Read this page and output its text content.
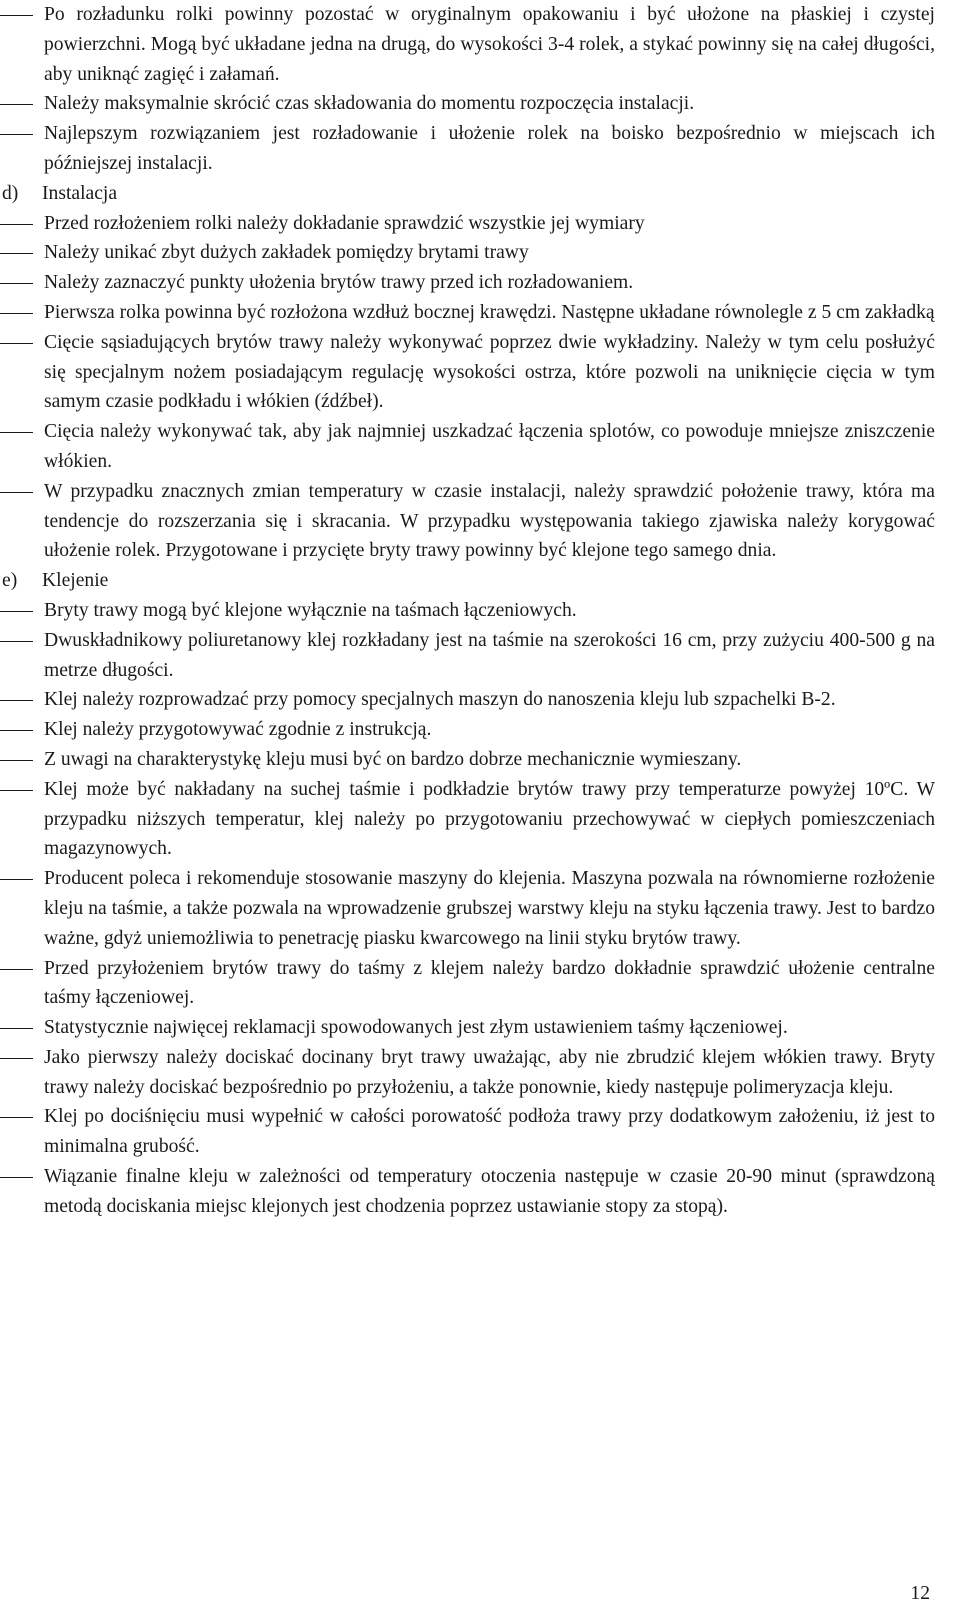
Po rozładunku rolki powinny pozostać w oryginalnym opakowaniu i być ułożone na płaskiej i czystej powierzchni. Mogą być układane jedna na drugą, do wysokości 3-4 rolek, a stykać powinny się na całej długości, aby uniknąć zagięć i załamań.
Należy maksymalnie skrócić czas składowania do momentu rozpoczęcia instalacji.
Najlepszym rozwiązaniem jest rozładowanie i ułożenie rolek na boisko bezpośrednio w miejscach ich późniejszej instalacji.
d) Instalacja
Przed rozłożeniem rolki należy dokładanie sprawdzić wszystkie jej wymiary
Należy unikać zbyt dużych zakładek pomiędzy brytami trawy
Należy zaznaczyć punkty ułożenia brytów trawy przed ich rozładowaniem.
Pierwsza rolka powinna być rozłożona wzdłuż bocznej krawędzi. Następne układane równolegle z 5 cm zakładką
Cięcie sąsiadujących brytów trawy należy wykonywać poprzez dwie wykładziny. Należy w tym celu posłużyć się specjalnym nożem posiadającym regulację wysokości ostrza, które pozwoli na uniknięcie cięcia w tym samym czasie podkładu i włókien (źdźbeł).
Cięcia należy wykonywać tak, aby jak najmniej uszkadzać łączenia splotów, co powoduje mniejsze zniszczenie włókien.
W przypadku znacznych zmian temperatury w czasie instalacji, należy sprawdzić położenie trawy, która ma tendencje do rozszerzania się i skracania. W przypadku występowania takiego zjawiska należy korygować ułożenie rolek. Przygotowane i przycięte bryty trawy powinny być klejone tego samego dnia.
e) Klejenie
Bryty trawy mogą być klejone wyłącznie na taśmach łączeniowych.
Dwuskładnikowy poliuretanowy klej rozkładany jest na taśmie na szerokości 16 cm, przy zużyciu 400-500 g na metrze długości.
Klej należy rozprowadzać przy pomocy specjalnych maszyn do nanoszenia kleju lub szpachelki B-2.
Klej należy przygotowywać zgodnie z instrukcją.
Z uwagi na charakterystykę kleju musi być on bardzo dobrze mechanicznie wymieszany.
Klej może być nakładany na suchej taśmie i podkładzie brytów trawy przy temperaturze powyżej 10ºC. W przypadku niższych temperatur, klej należy po przygotowaniu przechowywać w ciepłych pomieszczeniach magazynowych.
Producent poleca i rekomenduje stosowanie maszyny do klejenia. Maszyna pozwala na równomierne rozłożenie kleju na taśmie, a także pozwala na wprowadzenie grubszej warstwy kleju na styku łączenia trawy. Jest to bardzo ważne, gdyż uniemożliwia to penetrację piasku kwarcowego na linii styku brytów trawy.
Przed przyłożeniem brytów trawy do taśmy z klejem należy bardzo dokładnie sprawdzić ułożenie centralne taśmy łączeniowej.
Statystycznie najwięcej reklamacji spowodowanych jest złym ustawieniem taśmy łączeniowej.
Jako pierwszy należy dociskać docinany bryt trawy uważając, aby nie zbrudzić klejem włókien trawy. Bryty trawy należy dociskać bezpośrednio po przyłożeniu, a także ponownie, kiedy następuje polimeryzacja kleju.
Klej po dociśnięciu musi wypełnić w całości porowatość podłoża trawy przy dodatkowym założeniu, iż jest to minimalna grubość.
Wiązanie finalne kleju w zależności od temperatury otoczenia następuje w czasie 20-90 minut (sprawdzoną metodą dociskania miejsc klejonych jest chodzenia poprzez ustawianie stopy za stopą).
12
